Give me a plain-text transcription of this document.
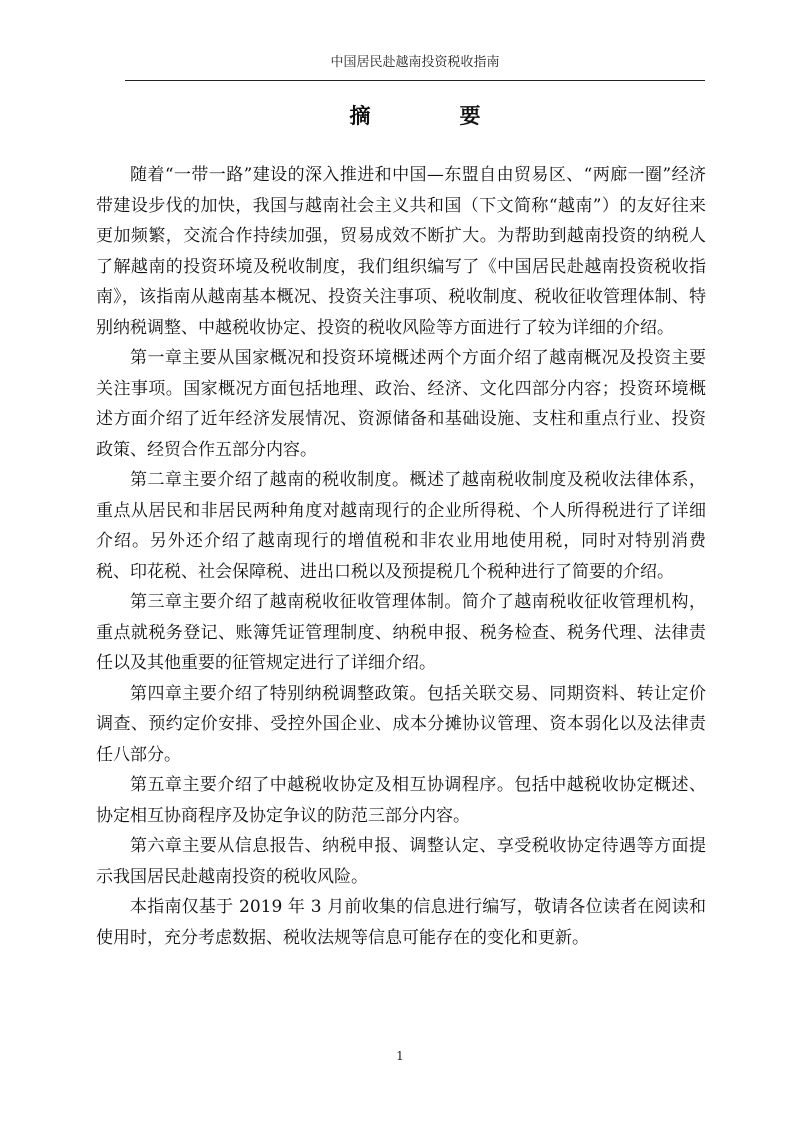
中国居民赴越南投资税收指南
摘　要

随着“一带一路”建设的深入推进和中国—东盟自由贸易区、“两廊一圈”经济带建设步伐的加快，我国与越南社会主义共和国（下文简称“越南”）的友好往来更加频繁，交流合作持续加强，贸易成效不断扩大。为帮助到越南投资的纳税人了解越南的投资环境及税收制度，我们组织编写了《中国居民赴越南投资税收指南》，该指南从越南基本概况、投资关注事项、税收制度、税收征收管理体制、特别纳税调整、中越税收协定、投资的税收风险等方面进行了较为详细的介绍。

第一章主要从国家概况和投资环境概述两个方面介绍了越南概况及投资主要关注事项。国家概况方面包括地理、政治、经济、文化四部分内容；投资环境概述方面介绍了近年经济发展情况、资源储备和基础设施、支柱和重点行业、投资政策、经贸合作五部分内容。

第二章主要介绍了越南的税收制度。概述了越南税收制度及税收法律体系，重点从居民和非居民两种角度对越南现行的企业所得税、个人所得税进行了详细介绍。另外还介绍了越南现行的增值税和非农业用地使用税，同时对特别消费税、印花税、社会保障税、进出口税以及预提税几个税种进行了简要的介绍。

第三章主要介绍了越南税收征收管理体制。简介了越南税收征收管理机构，重点就税务登记、账簿凭证管理制度、纳税申报、税务检查、税务代理、法律责任以及其他重要的征管规定进行了详细介绍。

第四章主要介绍了特别纳税调整政策。包括关联交易、同期资料、转让定价调查、预约定价安排、受控外国企业、成本分摊协议管理、资本弱化以及法律责任八部分。

第五章主要介绍了中越税收协定及相互协调程序。包括中越税收协定概述、协定相互协商程序及协定争议的防范三部分内容。

第六章主要从信息报告、纳税申报、调整认定、享受税收协定待遇等方面提示我国居民赴越南投资的税收风险。

本指南仅基于 2019 年 3 月前收集的信息进行编写，敬请各位读者在阅读和使用时，充分考虑数据、税收法规等信息可能存在的变化和更新。

1
